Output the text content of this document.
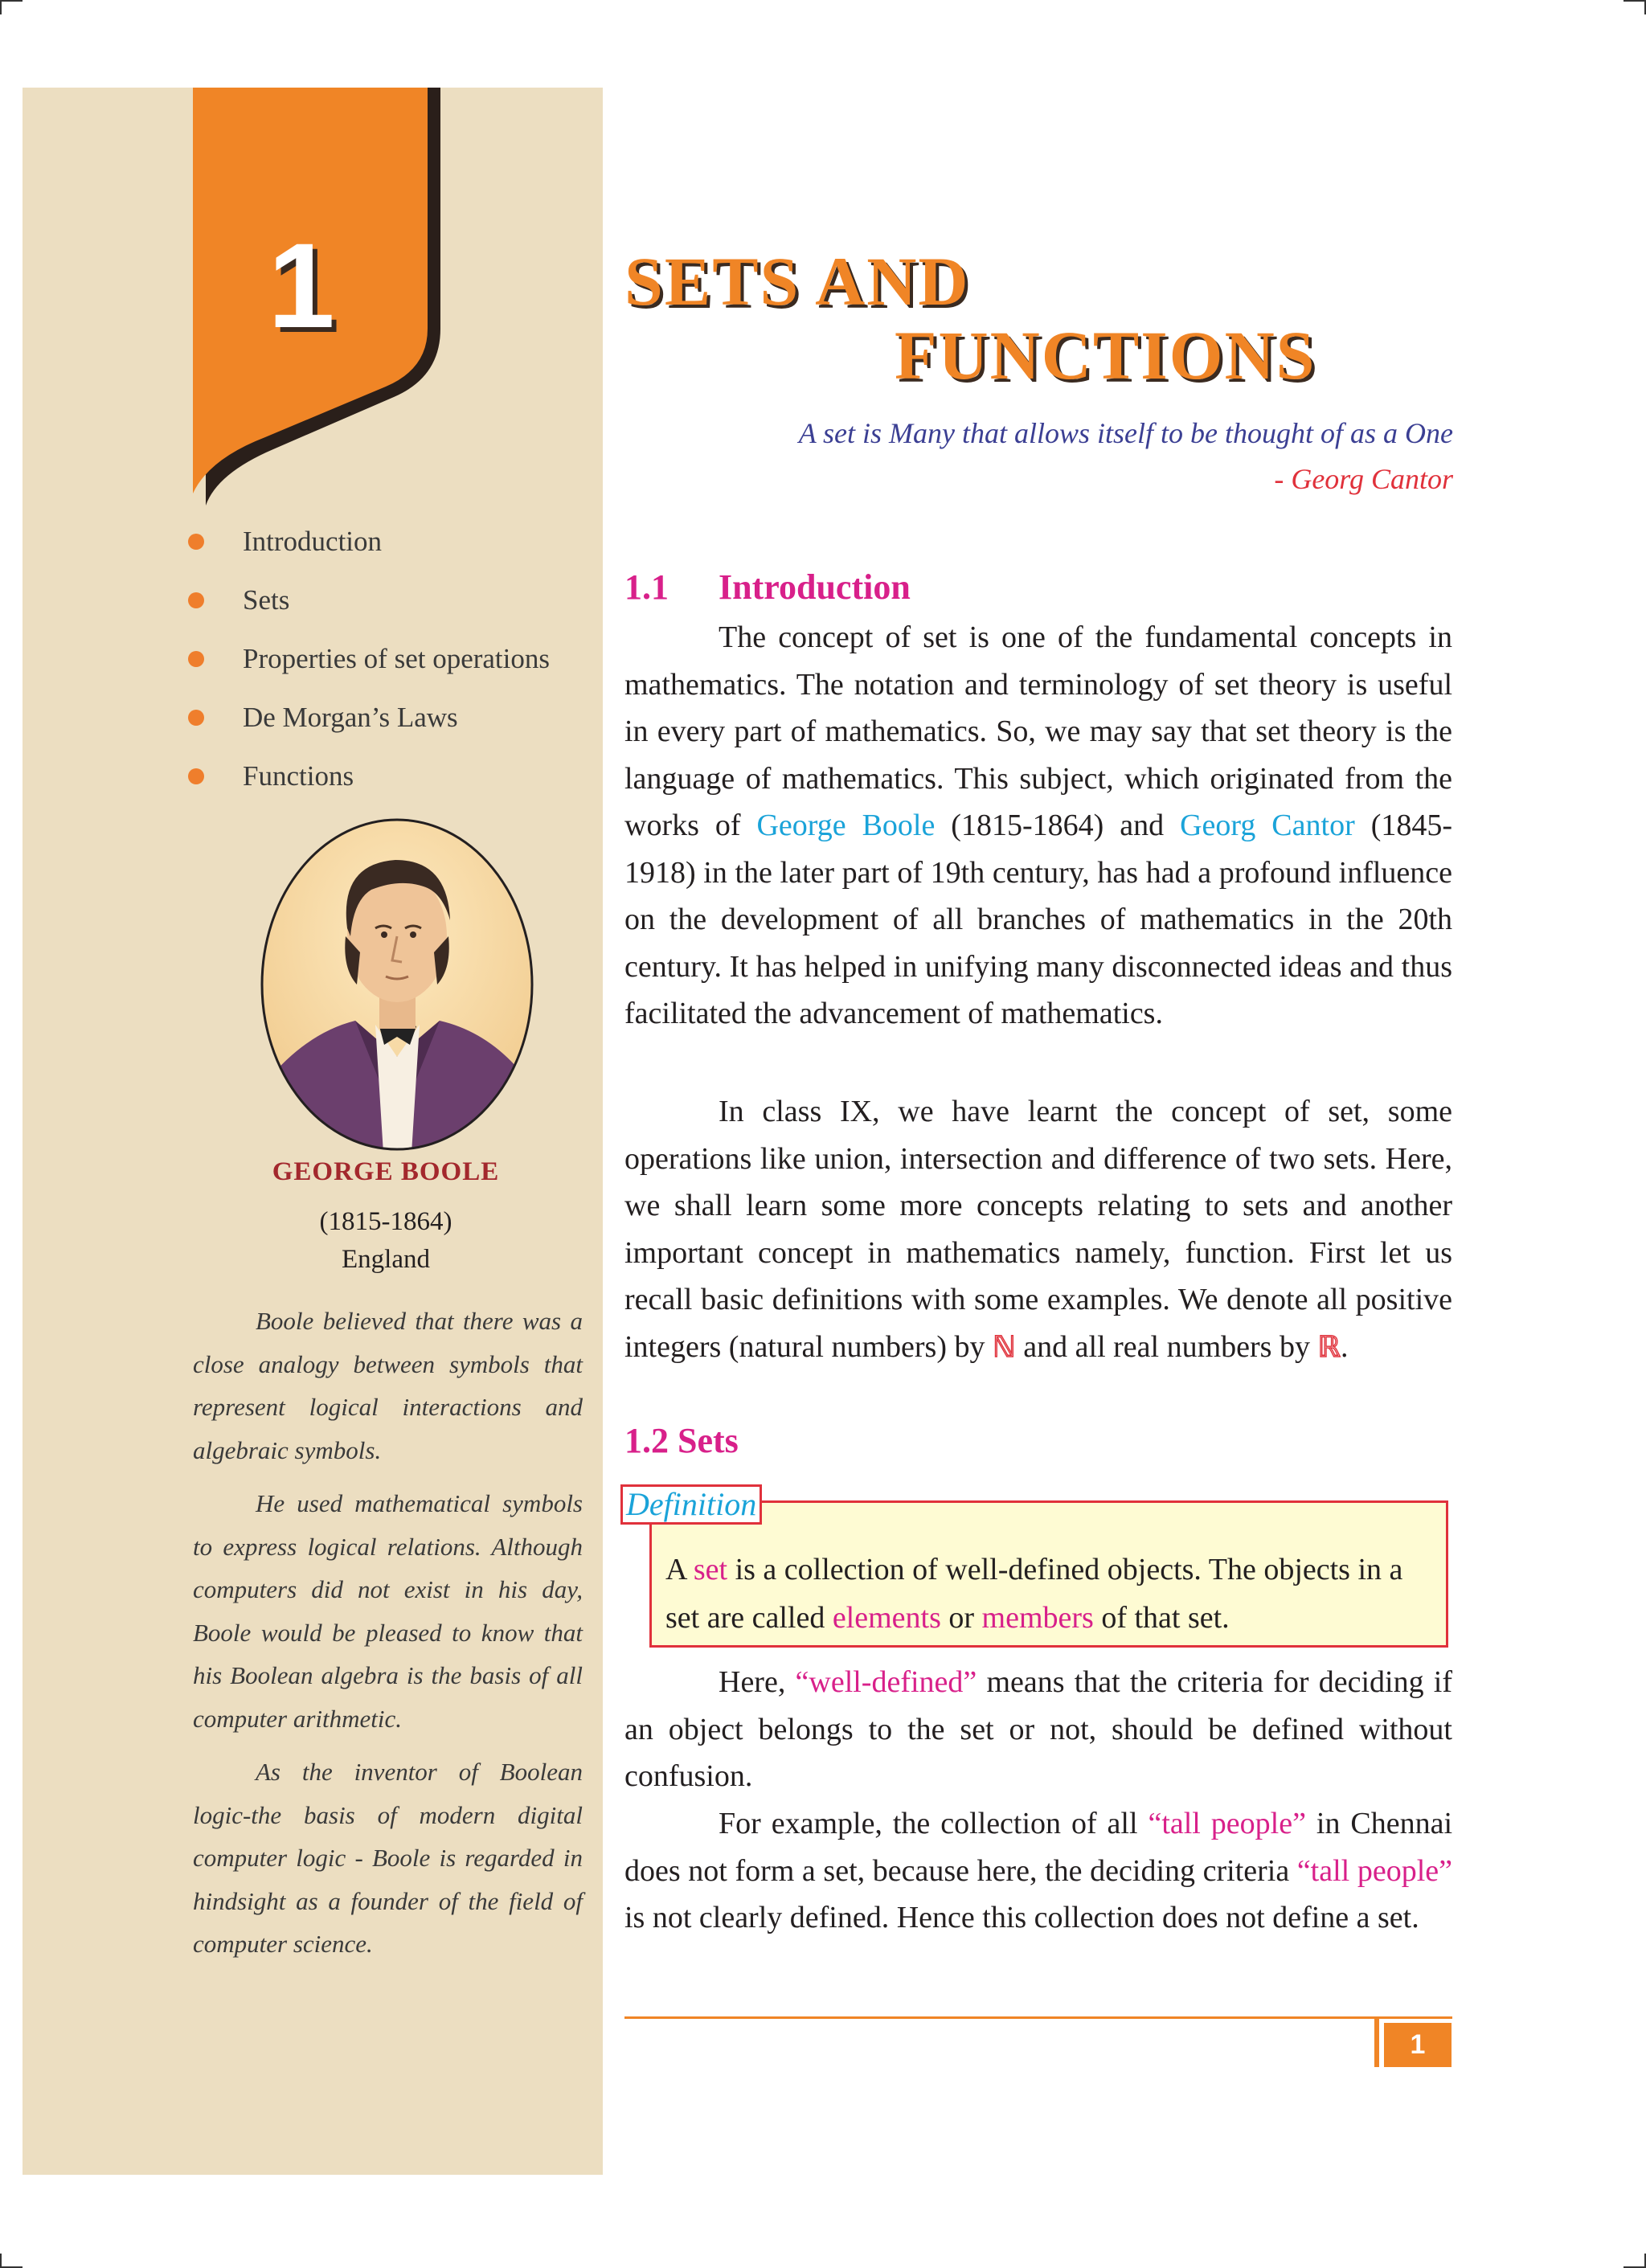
1
Introduction
Sets
Properties of set operations
De Morgan’s Laws
Functions
GEORGE BOOLE
(1815-1864)
England

Boole believed that there was a close analogy between symbols that represent logical interactions and algebraic symbols.

He used mathematical symbols to express logical relations. Although computers did not exist in his day, Boole would be pleased to know that his Boolean algebra is the basis of all computer arithmetic.

As the inventor of Boolean logic-the basis of modern digital computer logic - Boole is regarded in hindsight as a founder of the field of computer science.

SETS AND
FUNCTIONS
A set is Many that allows itself to be thought of as a One
- Georg Cantor
1.1 Introduction

The concept of set is one of the fundamental concepts in mathematics. The notation and terminology of set theory is useful in every part of mathematics. So, we may say that set theory is the language of mathematics. This subject, which originated from the works of George Boole (1815-1864) and Georg Cantor (1845-1918) in the later part of 19th century, has had a profound influence on the development of all branches of mathematics in the 20th century. It has helped in unifying many disconnected ideas and thus facilitated the advancement of mathematics.

In class IX, we have learnt the concept of set, some operations like union, intersection and difference of two sets. Here, we shall learn some more concepts relating to sets and another important concept in mathematics namely, function. First let us recall basic definitions with some examples. We denote all positive integers (natural numbers) by ℕ and all real numbers by ℝ.

1.2 Sets
Definition

A set is a collection of well-defined objects. The objects in a set are called elements or members of that set.

Here, “well-defined” means that the criteria for deciding if an object belongs to the set or not, should be defined without confusion.

For example, the collection of all “tall people” in Chennai does not form a set, because here, the deciding criteria “tall people” is not clearly defined. Hence this collection does not define a set.

1
